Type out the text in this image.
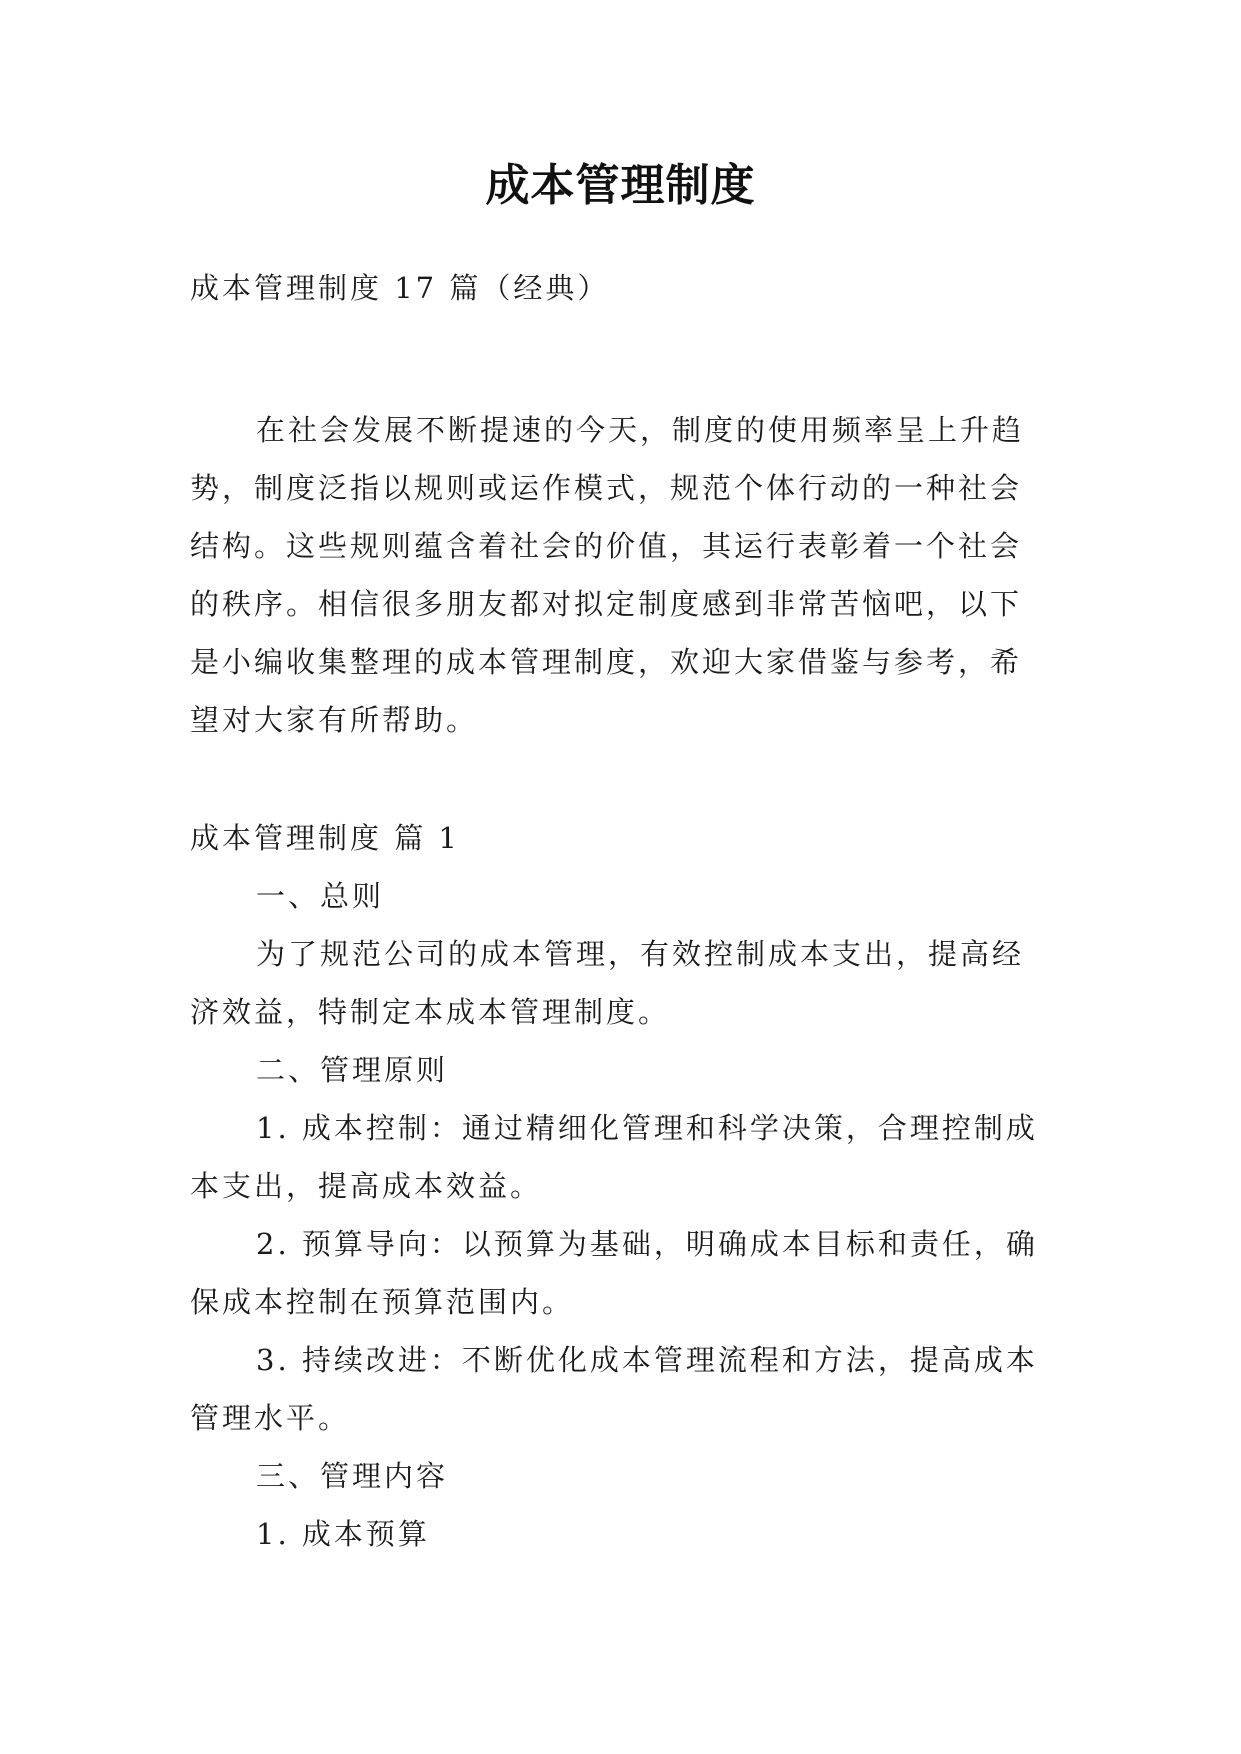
成本管理制度
成本管理制度 17 篇（经典）
在社会发展不断提速的今天，制度的使用频率呈上升趋势，制度泛指以规则或运作模式，规范个体行动的一种社会结构。这些规则蕴含着社会的价值，其运行表彰着一个社会的秩序。相信很多朋友都对拟定制度感到非常苦恼吧，以下是小编收集整理的成本管理制度，欢迎大家借鉴与参考，希望对大家有所帮助。
成本管理制度 篇 1
一、总则
为了规范公司的成本管理，有效控制成本支出，提高经济效益，特制定本成本管理制度。
二、管理原则
1. 成本控制：通过精细化管理和科学决策，合理控制成本支出，提高成本效益。
2. 预算导向：以预算为基础，明确成本目标和责任，确保成本控制在预算范围内。
3. 持续改进：不断优化成本管理流程和方法，提高成本管理水平。
三、管理内容
1. 成本预算
